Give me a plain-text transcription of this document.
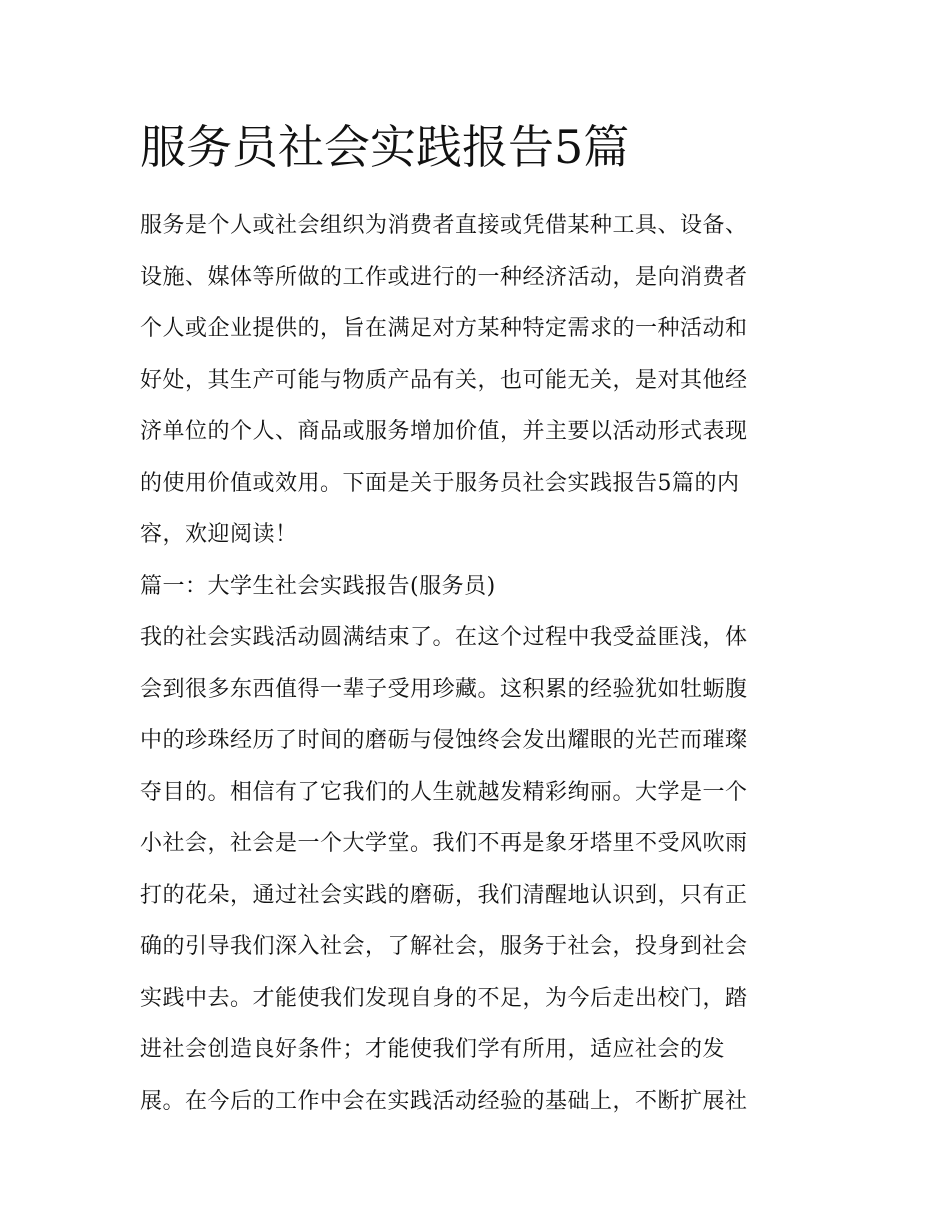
服务员社会实践报告5篇
服务是个人或社会组织为消费者直接或凭借某种工具、设备、
设施、媒体等所做的工作或进行的一种经济活动，是向消费者
个人或企业提供的，旨在满足对方某种特定需求的一种活动和
好处，其生产可能与物质产品有关，也可能无关，是对其他经
济单位的个人、商品或服务增加价值，并主要以活动形式表现
的使用价值或效用。下面是关于服务员社会实践报告5篇的内
容，欢迎阅读！
篇一：大学生社会实践报告(服务员)
我的社会实践活动圆满结束了。在这个过程中我受益匪浅，体
会到很多东西值得一辈子受用珍藏。这积累的经验犹如牡蛎腹
中的珍珠经历了时间的磨砺与侵蚀终会发出耀眼的光芒而璀璨
夺目的。相信有了它我们的人生就越发精彩绚丽。大学是一个
小社会，社会是一个大学堂。我们不再是象牙塔里不受风吹雨
打的花朵，通过社会实践的磨砺，我们清醒地认识到，只有正
确的引导我们深入社会，了解社会，服务于社会，投身到社会
实践中去。才能使我们发现自身的不足，为今后走出校门，踏
进社会创造良好条件；才能使我们学有所用，适应社会的发
展。在今后的工作中会在实践活动经验的基础上，不断扩展社
